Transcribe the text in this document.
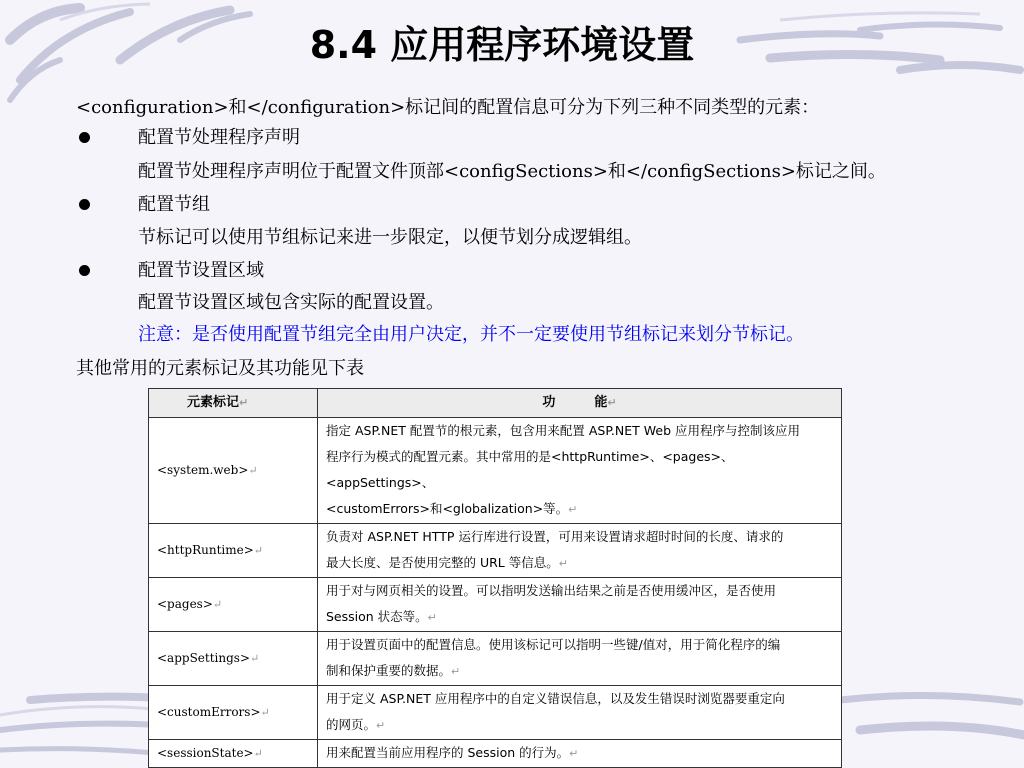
8.4 应用程序环境设置
<configuration>和</configuration>标记间的配置信息可分为下列三种不同类型的元素：
配置节处理程序声明
配置节处理程序声明位于配置文件顶部<configSections>和</configSections>标记之间。
配置节组
节标记可以使用节组标记来进一步限定，以便节划分成逻辑组。
配置节设置区域
配置节设置区域包含实际的配置设置。
注意：是否使用配置节组完全由用户决定，并不一定要使用节组标记来划分节标记。
其他常用的元素标记及其功能见下表
元素标记↵	功　　　能↵
<system.web>↵	指定 ASP.NET 配置节的根元素，包含用来配置 ASP.NET Web 应用程序与控制该应用
程序行为模式的配置元素。其中常用的是<httpRuntime>、<pages>、<appSettings>、
<customErrors>和<globalization>等。↵

<httpRuntime>↵	负责对 ASP.NET HTTP 运行库进行设置，可用来设置请求超时时间的长度、请求的
最大长度、是否使用完整的 URL 等信息。↵

<pages>↵	用于对与网页相关的设置。可以指明发送输出结果之前是否使用缓冲区，是否使用
Session 状态等。↵

<appSettings>↵	用于设置页面中的配置信息。使用该标记可以指明一些键/值对，用于简化程序的编
制和保护重要的数据。↵

<customErrors>↵	用于定义 ASP.NET 应用程序中的自定义错误信息，以及发生错误时浏览器要重定向
的网页。↵

<sessionState>↵	用来配置当前应用程序的 Session 的行为。↵
